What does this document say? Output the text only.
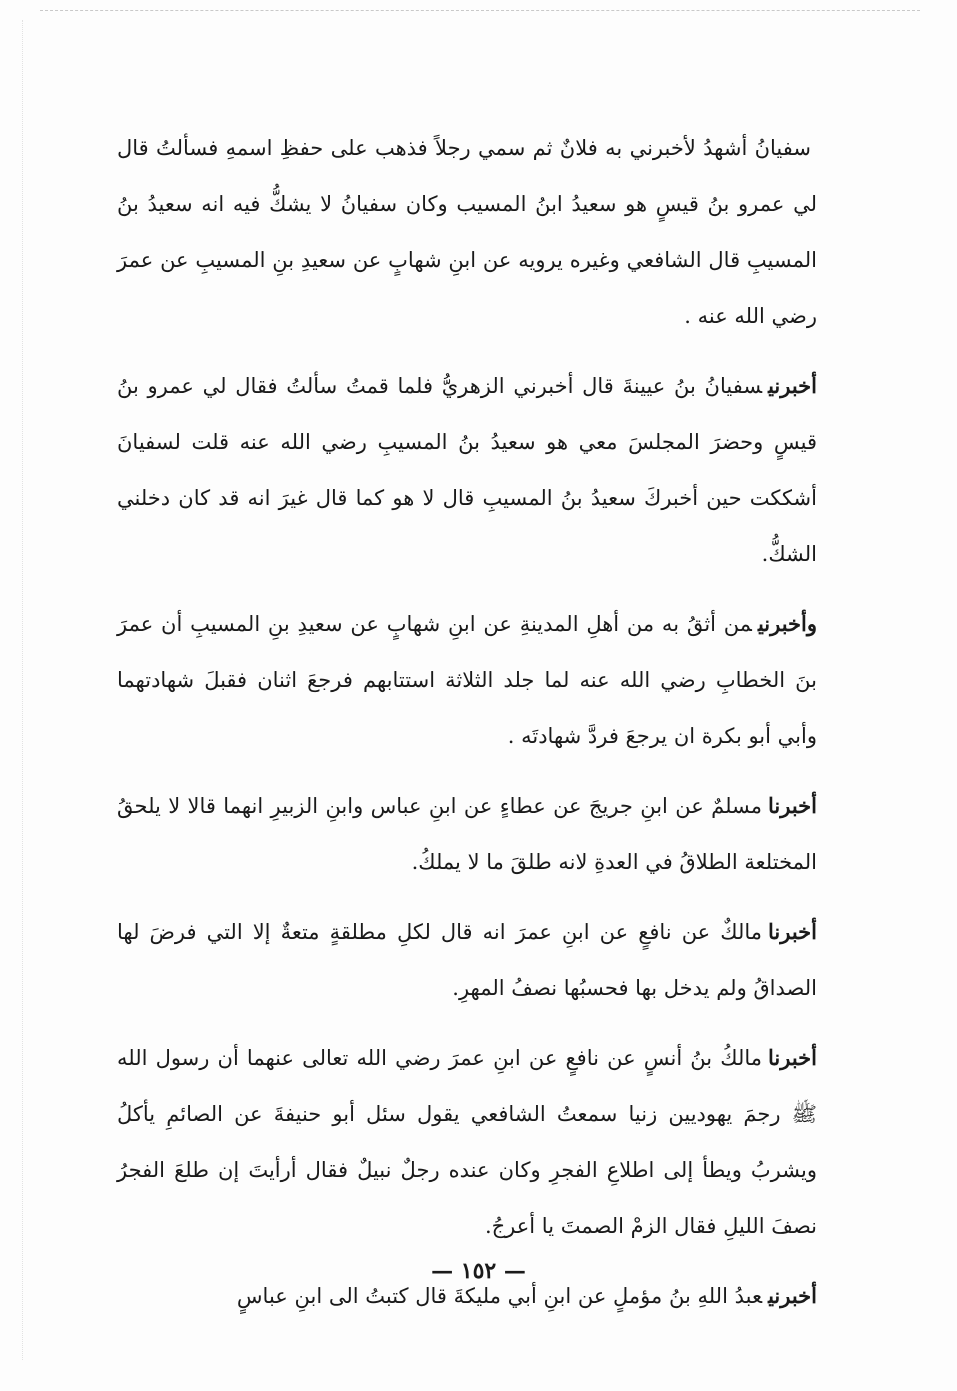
سفيانُ أشهدُ لأخبرني به فلانٌ ثم سمي رجلاً فذهب على حفظِ اسمهِ فسألتُ قال لي عمرو بنُ قيسٍ هو سعيدُ ابنُ المسيب وكان سفيانُ لا يشكُّ فيه انه سعيدُ بنُ المسيبِ قال الشافعي وغيره يرويه عن ابنِ شهابٍ عن سعيدِ بنِ المسيبِ عن عمرَ رضي الله عنه .

أخبرنيسفيانُ بنُ عيينةَ قال أخبرني الزهريُّ فلما قمتُ سألتُ فقال لي عمرو بنُ قيسٍ وحضرَ المجلسَ معي هو سعيدُ بنُ المسيبِ رضي الله عنه قلت لسفيانَ أشككت حين أخبركَ سعيدُ بنُ المسيبِ قال لا هو كما قال غيرَ انه قد كان دخلني الشكُّ.

وأخبرنيمن أثقُ به من أهلِ المدينةِ عن ابنِ شهابٍ عن سعيدِ بنِ المسيبِ أن عمرَ بنَ الخطابِ رضي الله عنه لما جلد الثلاثة استتابهم فرجعَ اثنان فقبلَ شهادتهما وأبي أبو بكرة ان يرجعَ فردَّ شهادتَه .

أخبرنامسلمٌ عن ابنِ جريجَ عن عطاءٍ عن ابنِ عباس وابنِ الزبيرِ انهما قالا لا يلحقُ المختلعة الطلاقُ في العدةِ لانه طلقَ ما لا يملكُ.

أخبرنامالكٌ عن نافعٍ عن ابنِ عمرَ انه قال لكلِ مطلقةٍ متعةٌ إلا التي فرضَ لها الصداقُ ولم يدخل بها فحسبُها نصفُ المهرِ.

أخبرنامالكُ بنُ أنسٍ عن نافعٍ عن ابنِ عمرَ رضي الله تعالى عنهما أن رسول الله ﷺ رجمَ يهوديين زنيا سمعتُ الشافعي يقول سئل أبو حنيفةَ عن الصائمِ يأكلُ ويشربُ ويطأ إلى اطلاعِ الفجرِ وكان عنده رجلٌ نبيلٌ فقال أرأيتَ إن طلعَ الفجرُ نصفَ الليلِ فقال الزمْ الصمتَ يا أعرجُ.

أخبرنيعبدُ اللهِ بنُ مؤملٍ عن ابنِ أبي مليكةَ قال كتبتُ الى ابنِ عباسٍ

— ١٥٢ —
